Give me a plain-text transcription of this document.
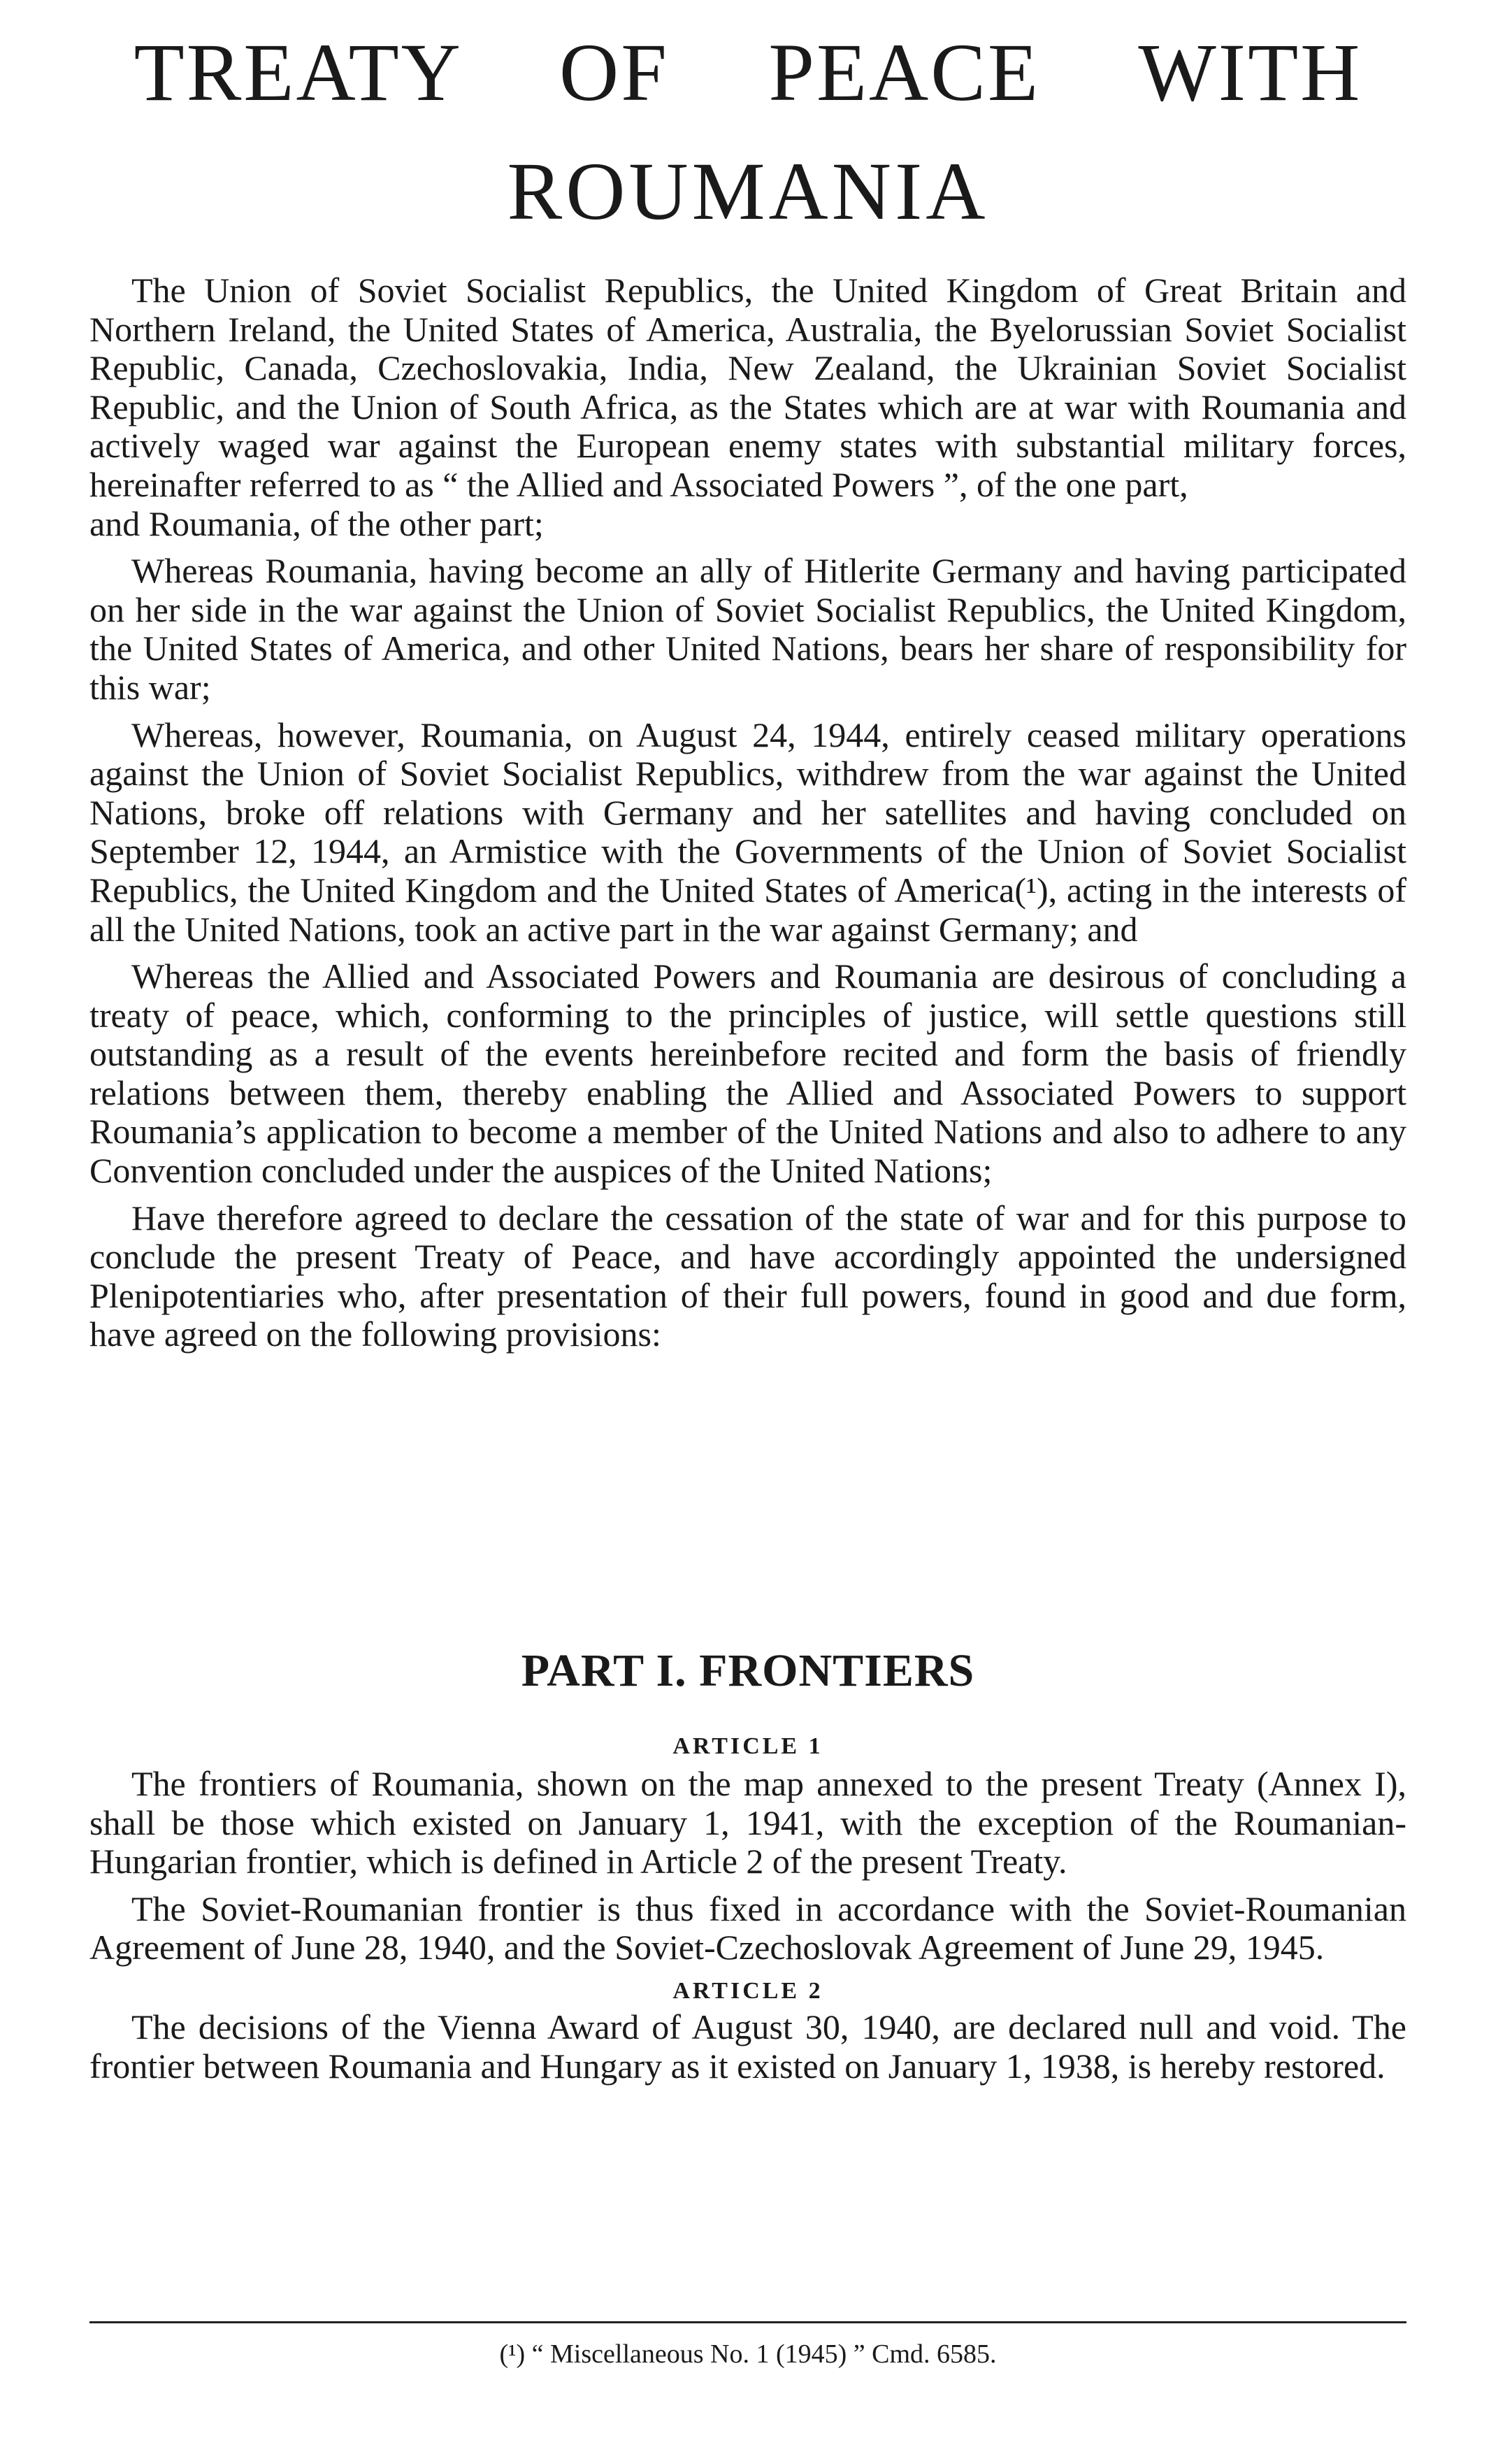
TREATY OF PEACE WITH
ROUMANIA

The Union of Soviet Socialist Republics, the United Kingdom of Great Britain and Northern Ireland, the United States of America, Australia, the Byelorussian Soviet Socialist Republic, Canada, Czechoslovakia, India, New Zealand, the Ukrainian Soviet Socialist Republic, and the Union of South Africa, as the States which are at war with Roumania and actively waged war against the European enemy states with substantial military forces, hereinafter referred to as “ the Allied and Associated Powers ”, of the one part,

and Roumania, of the other part;

Whereas Roumania, having become an ally of Hitlerite Germany and having participated on her side in the war against the Union of Soviet Socialist Republics, the United Kingdom, the United States of America, and other United Nations, bears her share of responsibility for this war;

Whereas, however, Roumania, on August 24, 1944, entirely ceased military operations against the Union of Soviet Socialist Republics, withdrew from the war against the United Nations, broke off relations with Germany and her satellites and having concluded on September 12, 1944, an Armistice with the Governments of the Union of Soviet Socialist Republics, the United Kingdom and the United States of America(¹), acting in the interests of all the United Nations, took an active part in the war against Germany; and

Whereas the Allied and Associated Powers and Roumania are desirous of concluding a treaty of peace, which, conforming to the principles of justice, will settle questions still outstanding as a result of the events hereinbefore recited and form the basis of friendly relations between them, thereby enabling the Allied and Associated Powers to support Roumania’s application to become a member of the United Nations and also to adhere to any Convention concluded under the auspices of the United Nations;

Have therefore agreed to declare the cessation of the state of war and for this purpose to conclude the present Treaty of Peace, and have accordingly appointed the undersigned Plenipotentiaries who, after presentation of their full powers, found in good and due form, have agreed on the following provisions:

PART I. FRONTIERS
ARTICLE 1

The frontiers of Roumania, shown on the map annexed to the present Treaty (Annex I), shall be those which existed on January 1, 1941, with the exception of the Roumanian-Hungarian frontier, which is defined in Article 2 of the present Treaty.

The Soviet-Roumanian frontier is thus fixed in accordance with the Soviet-Roumanian Agreement of June 28, 1940, and the Soviet-Czechoslovak Agreement of June 29, 1945.

ARTICLE 2

The decisions of the Vienna Award of August 30, 1940, are declared null and void. The frontier between Roumania and Hungary as it existed on January 1, 1938, is hereby restored.

(¹) “ Miscellaneous No. 1 (1945) ” Cmd. 6585.
